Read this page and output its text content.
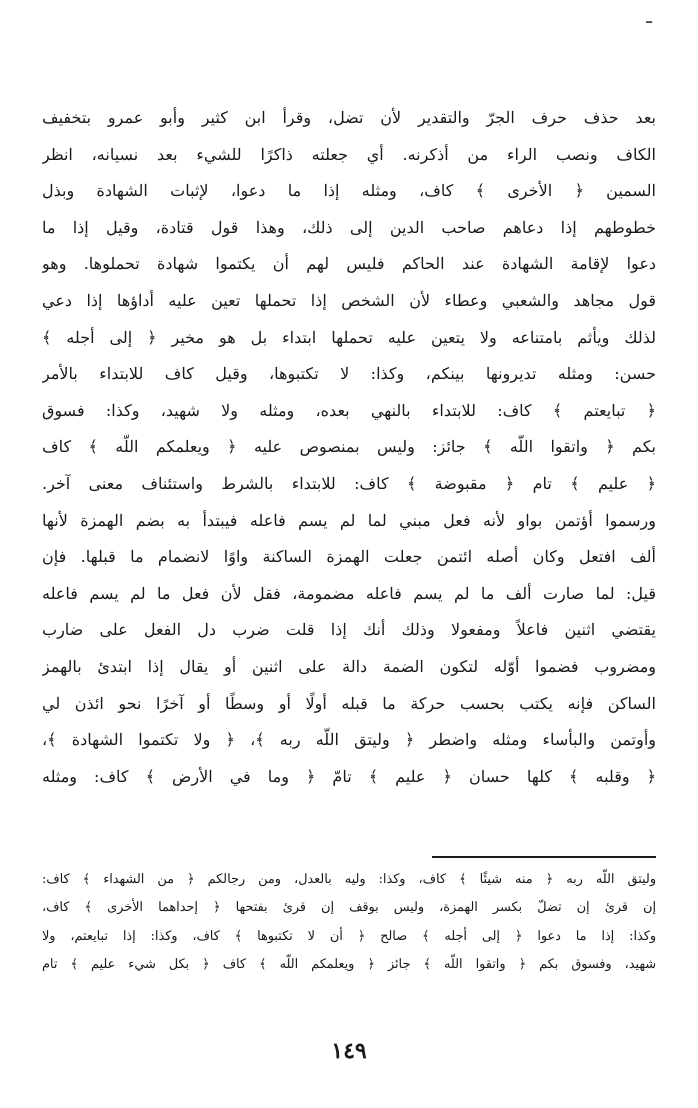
ـ
بعد حذف حرف الجرّ والتقدير لأن تضل، وقرأ ابن كثير وأبو عمرو بتخفيف
الكاف ونصب الراء من أذكرنه. أي جعلته ذاكرًا للشيء بعد نسيانه، انظر
السمين ﴿ الأخرى ﴾ كاف، ومثله إذا ما دعوا، لإثبات الشهادة وبذل
خطوطهم إذا دعاهم صاحب الدين إلى ذلك، وهذا قول قتادة، وقيل إذا ما
دعوا لإقامة الشهادة عند الحاكم فليس لهم أن يكتموا شهادة تحملوها. وهو
قول مجاهد والشعبي وعطاء لأن الشخص إذا تحملها تعين عليه أداؤها إذا دعي
لذلك ويأثم بامتناعه ولا يتعين عليه تحملها ابتداء بل هو مخير ﴿ إلى أجله ﴾
حسن: ومثله تديرونها بينكم، وكذا: لا تكتبوها، وقيل كاف للابتداء بالأمر
﴿ تبايعتم ﴾ كاف: للابتداء بالنهي بعده، ومثله ولا شهيد، وكذا: فسوق
بكم ﴿ واتقوا اللّه ﴾ جائز: وليس بمنصوص عليه ﴿ ويعلمكم اللّه ﴾ كاف
﴿ عليم ﴾ تام ﴿ مقبوضة ﴾ كاف: للابتداء بالشرط واستئناف معنى آخر.
ورسموا أؤتمن بواو لأنه فعل مبني لما لم يسم فاعله فيبتدأ به بضم الهمزة لأنها
ألف افتعل وكان أصله ائتمن جعلت الهمزة الساكنة واوًا لانضمام ما قبلها. فإن
قيل: لما صارت ألف ما لم يسم فاعله مضمومة، فقل لأن فعل ما لم يسم فاعله
يقتضي اثنين فاعلاً ومفعولا وذلك أنك إذا قلت ضرب دل الفعل على ضارب
ومضروب فضموا أوّله لتكون الضمة دالة على اثنين أو يقال إذا ابتدئ بالهمز
الساكن فإنه يكتب بحسب حركة ما قبله أولًا أو وسطًا أو آخرًا نحو ائذن لي
وأوتمن والبأساء ومثله واضطر ﴿ وليتق اللّه ربه ﴾، ﴿ ولا تكتموا الشهادة ﴾،
﴿ وقلبه ﴾ كلها حسان ﴿ عليم ﴾ تامّ ﴿ وما في الأرض ﴾ كاف: ومثله
وليتق اللّه ربه ﴿ منه شيئًا ﴾ كاف، وكذا: وليه بالعدل، ومن رجالكم ﴿ من الشهداء ﴾ كاف:
إن قرئ إن تضلّ بكسر الهمزة، وليس بوقف إن قرئ بفتحها ﴿ إحداهما الأخرى ﴾ كاف،
وكذا: إذا ما دعوا ﴿ إلى أجله ﴾ صالح ﴿ أن لا تكتبوها ﴾ كاف، وكذا: إذا تبايعتم، ولا
شهيد، وفسوق بكم ﴿ واتقوا اللّه ﴾ جائز ﴿ ويعلمكم اللّه ﴾ كاف ﴿ بكل شيء عليم ﴾ تام
١٤٩
